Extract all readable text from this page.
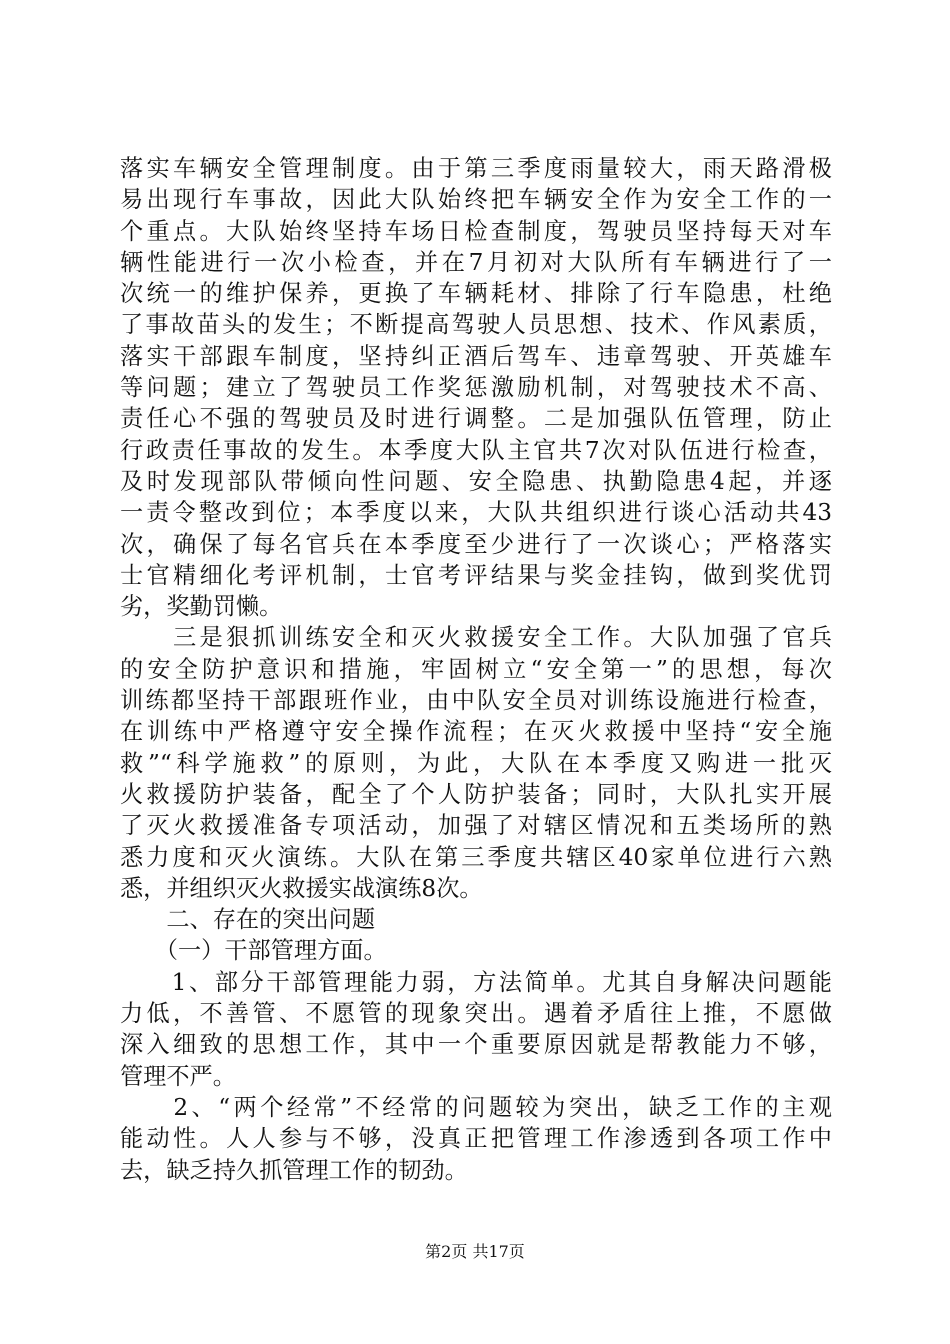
落实车辆安全管理制度。由于第三季度雨量较大，雨天路滑极
易出现行车事故，因此大队始终把车辆安全作为安全工作的一
个重点。大队始终坚持车场日检查制度，驾驶员坚持每天对车
辆性能进行一次小检查，并在7月初对大队所有车辆进行了一
次统一的维护保养，更换了车辆耗材、排除了行车隐患，杜绝
了事故苗头的发生；不断提高驾驶人员思想、技术、作风素质，
落实干部跟车制度，坚持纠正酒后驾车、违章驾驶、开英雄车
等问题；建立了驾驶员工作奖惩激励机制，对驾驶技术不高、
责任心不强的驾驶员及时进行调整。二是加强队伍管理，防止
行政责任事故的发生。本季度大队主官共7次对队伍进行检查，
及时发现部队带倾向性问题、安全隐患、执勤隐患4起，并逐
一责令整改到位；本季度以来，大队共组织进行谈心活动共43
次，确保了每名官兵在本季度至少进行了一次谈心；严格落实
士官精细化考评机制，士官考评结果与奖金挂钩，做到奖优罚
劣，奖勤罚懒。
　　三是狠抓训练安全和灭火救援安全工作。大队加强了官兵
的安全防护意识和措施，牢固树立“安全第一”的思想，每次
训练都坚持干部跟班作业，由中队安全员对训练设施进行检查，
在训练中严格遵守安全操作流程；在灭火救援中坚持“安全施
救”“科学施救”的原则，为此，大队在本季度又购进一批灭
火救援防护装备，配全了个人防护装备；同时，大队扎实开展
了灭火救援准备专项活动，加强了对辖区情况和五类场所的熟
悉力度和灭火演练。大队在第三季度共辖区40家单位进行六熟
悉，并组织灭火救援实战演练8次。
　　二、存在的突出问题
　　（一）干部管理方面。
　　1、部分干部管理能力弱，方法简单。尤其自身解决问题能
力低，不善管、不愿管的现象突出。遇着矛盾往上推，不愿做
深入细致的思想工作，其中一个重要原因就是帮教能力不够，
管理不严。
　　2、“两个经常”不经常的问题较为突出，缺乏工作的主观
能动性。人人参与不够，没真正把管理工作渗透到各项工作中
去，缺乏持久抓管理工作的韧劲。
第2页 共17页
